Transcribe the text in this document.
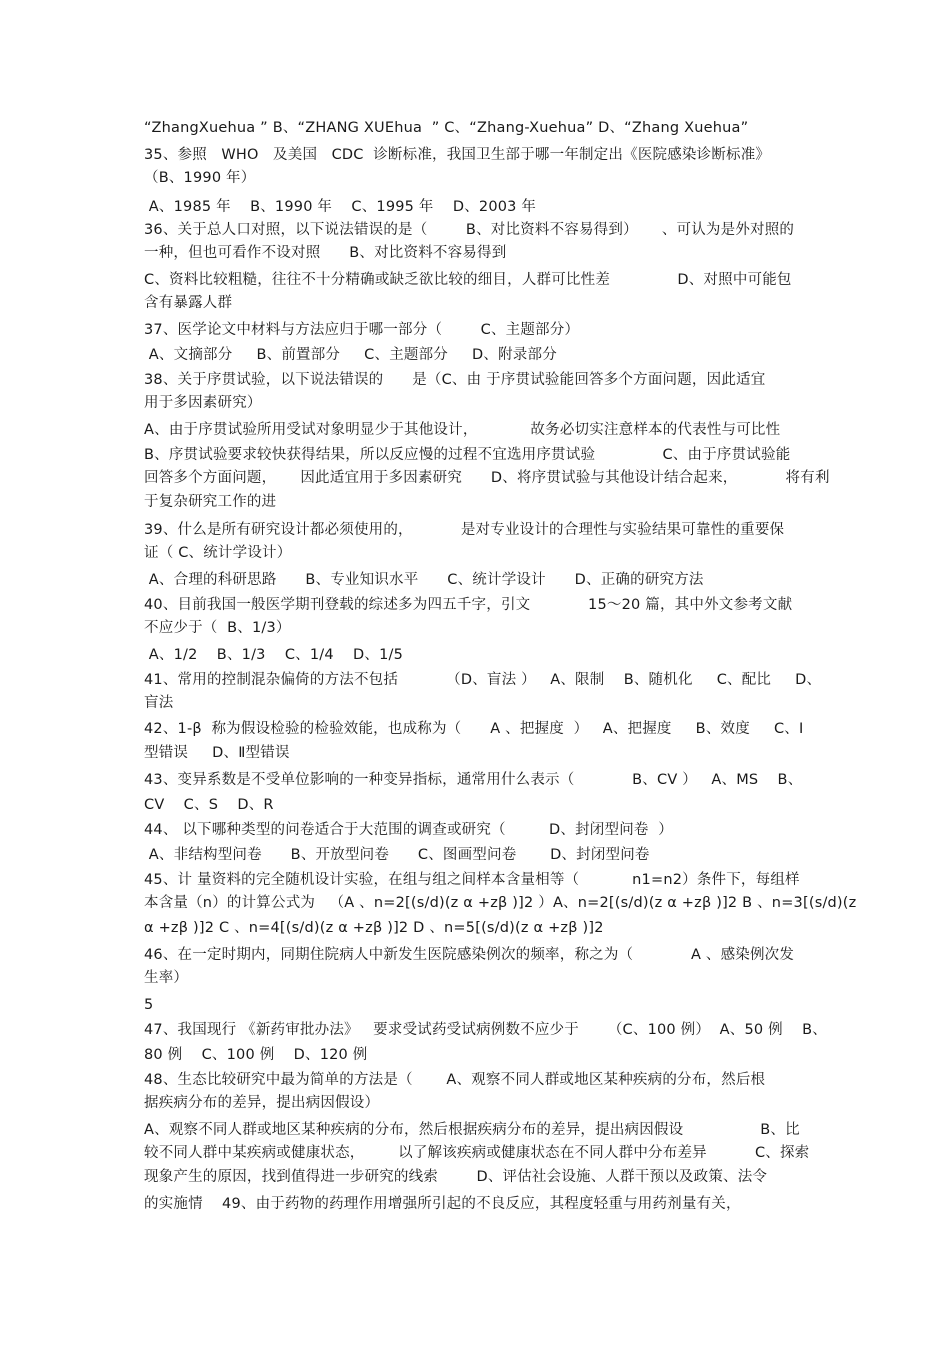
“ZhangXuehua ” B、“ZHANG XUEhua  ” C、“Zhang-Xuehua” D、“Zhang Xuehua”
35、参照   WHO   及美国   CDC  诊断标准，我国卫生部于哪一年制定出《医院感染诊断标准》
（B、1990 年）
A、1985 年    B、1990 年    C、1995 年    D、2003 年
36、关于总人口对照，以下说法错误的是（        B、对比资料不容易得到）     、可认为是外对照的
一种，但也可看作不设对照      B、对比资料不容易得到
C、资料比较粗糙，往往不十分精确或缺乏欲比较的细目，人群可比性差              D、对照中可能包
含有暴露人群
37、医学论文中材料与方法应归于哪一部分（        C、主题部分）
A、文摘部分     B、前置部分     C、主题部分     D、附录部分
38、关于序贯试验，以下说法错误的      是（C、由 于序贯试验能回答多个方面问题，因此适宜
用于多因素研究）
A、由于序贯试验所用受试对象明显少于其他设计，           故务必切实注意样本的代表性与可比性
B、序贯试验要求较快获得结果，所以反应慢的过程不宜选用序贯试验              C、由于序贯试验能
回答多个方面问题，     因此适宜用于多因素研究      D、将序贯试验与其他设计结合起来，          将有利
于复杂研究工作的进
39、什么是所有研究设计都必须使用的，          是对专业设计的合理性与实验结果可靠性的重要保
证（ C、统计学设计）
A、合理的科研思路      B、专业知识水平      C、统计学设计      D、正确的研究方法
40、目前我国一般医学期刊登载的综述多为四五千字，引文            15～20 篇，其中外文参考文献
不应少于（  B、1/3）
A、1/2    B、1/3    C、1/4    D、1/5
41、常用的控制混杂偏倚的方法不包括          （D、盲法 ）   A、限制    B、随机化     C、配比     D、
盲法
42、1-β  称为假设检验的检验效能，也成称为（      A 、把握度  ）   A、把握度     B、效度     C、I
型错误     D、Ⅱ型错误
43、变异系数是不受单位影响的一种变异指标，通常用什么表示（            B、CV ）   A、MS    B、
CV    C、S    D、R
44、 以下哪种类型的问卷适合于大范围的调查或研究（         D、封闭型问卷  ）
A、非结构型问卷      B、开放型问卷      C、图画型问卷       D、封闭型问卷
45、计 量资料的完全随机设计实验，在组与组之间样本含量相等（           n1=n2）条件下，每组样
本含量（n）的计算公式为   （A 、n=2[(s/d)(z α +zβ )]2 ）A、n=2[(s/d)(z α +zβ )]2 B 、n=3[(s/d)(z
α +zβ )]2 C 、n=4[(s/d)(z α +zβ )]2 D 、n=5[(s/d)(z α +zβ )]2
46、在一定时期内，同期住院病人中新发生医院感染例次的频率，称之为（            A 、感染例次发
生率）
5
47、我国现行 《新药审批办法》   要求受试药受试病例数不应少于      （C、100 例）  A、50 例    B、
80 例    C、100 例    D、120 例
48、生态比较研究中最为简单的方法是（       A、观察不同人群或地区某种疾病的分布，然后根
据疾病分布的差异，提出病因假设）
A、观察不同人群或地区某种疾病的分布，然后根据疾病分布的差异，提出病因假设                B、比
较不同人群中某疾病或健康状态，       以了解该疾病或健康状态在不同人群中分布差异          C、探索
现象产生的原因，找到值得进一步研究的线索        D、评估社会设施、人群干预以及政策、法令
的实施情    49、由于药物的药理作用增强所引起的不良反应，其程度轻重与用药剂量有关，
